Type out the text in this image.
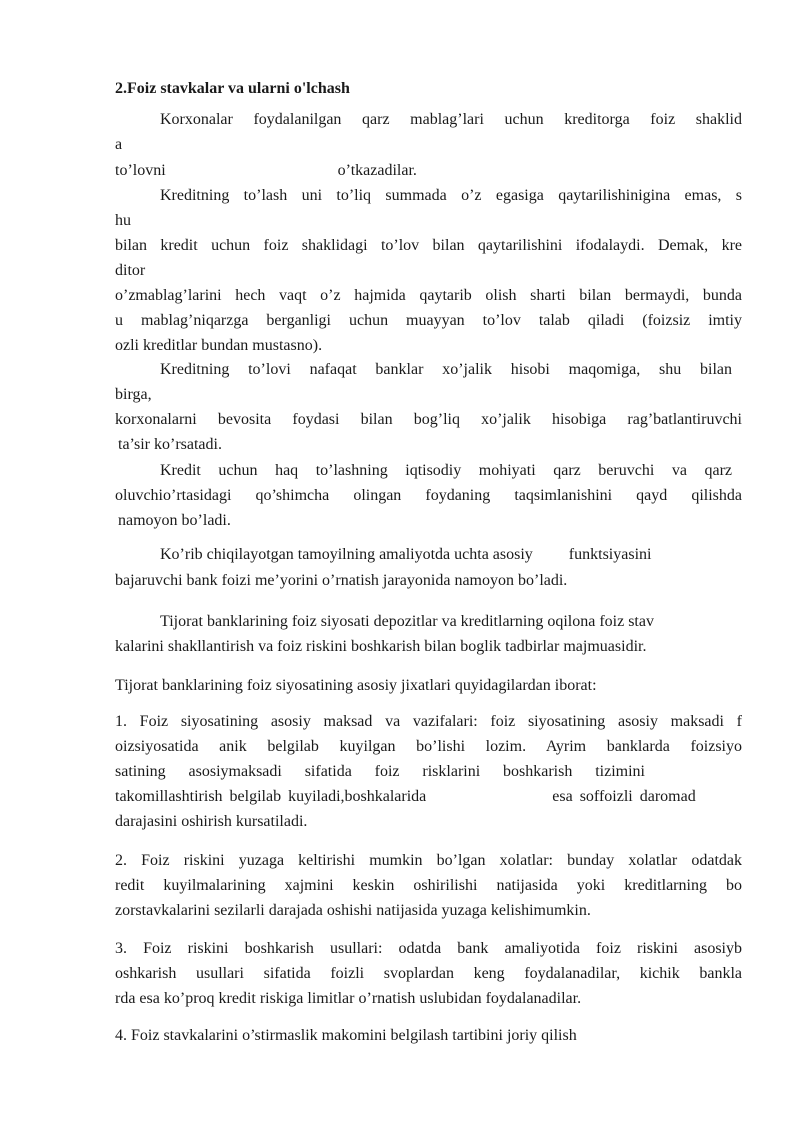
2.Foiz stavkalar va ularni o'lchash

Korxonalar foydalanilgan qarz mablag’lari uchun kreditorga foiz shaklid

a

to’lovni                                           o’tkazadilar.

Kreditning to’lash uni to’liq summada o’z egasiga qaytarilishinigina emas, s

hu

bilan kredit uchun foiz shaklidagi to’lov bilan qaytarilishini ifodalaydi. Demak, kre

ditor

o’zmablag’larini hech vaqt o’z hajmida qaytarib olish sharti bilan bermaydi, bunda

u mablag’niqarzga berganligi uchun muayyan to’lov talab qiladi (foizsiz imtiy

ozli kreditlar bundan mustasno).

Kreditning to’lovi nafaqat banklar xo’jalik hisobi maqomiga, shu bilan

birga,

korxonalarni bevosita foydasi bilan bog’liq xo’jalik hisobiga rag’batlantiruvchi

ta’sir ko’rsatadi.

Kredit uchun haq to’lashning iqtisodiy mohiyati qarz beruvchi va qarz

oluvchio’rtasidagi qo’shimcha olingan foydaning taqsimlanishini qayd qilishda

namoyon bo’ladi.

Ko’rib chiqilayotgan tamoyilning amaliyotda uchta asosiy         funktsiyasini

bajaruvchi bank foizi me’yorini o’rnatish jarayonida namoyon bo’ladi.

Tijorat banklarining foiz siyosati depozitlar va kreditlarning oqilona foiz stav

kalarini shakllantirish va foiz riskini boshkarish bilan boglik tadbirlar majmuasidir.

Tijorat banklarining foiz siyosatining asosiy jixatlari quyidagilardan iborat:

1. Foiz siyosatining asosiy maksad va vazifalari: foiz siyosatining asosiy maksadi f

oizsiyosatida anik belgilab kuyilgan bo’lishi lozim. Ayrim banklarda foizsiyo

satining asosiymaksadi sifatida foiz risklarini boshkarish tizimini

takomillashtirish belgilab kuyiladi,boshkalarida                  esa soffoizli daromad

darajasini oshirish kursatiladi.

2. Foiz riskini yuzaga keltirishi mumkin bo’lgan xolatlar: bunday xolatlar odatdak

redit kuyilmalarining xajmini keskin oshirilishi natijasida yoki kreditlarning bo

zorstavkalarini sezilarli darajada oshishi natijasida yuzaga kelishimumkin.

3. Foiz riskini boshkarish usullari: odatda bank amaliyotida foiz riskini asosiyb

oshkarish usullari sifatida foizli svoplardan keng foydalanadilar, kichik bankla

rda esa ko’proq kredit riskiga limitlar o’rnatish uslubidan foydalanadilar.

4. Foiz stavkalarini o’stirmaslik makomini belgilash tartibini joriy qilish
